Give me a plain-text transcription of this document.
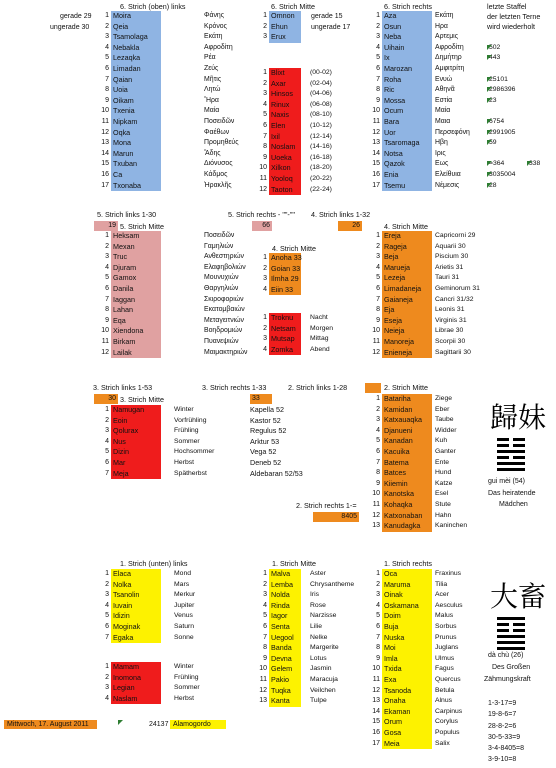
6. Strich (oben) links	6. Strich Mitte	6. Strich rechts	letzte Staffel
der letzten Terne
wird wiederholt
gerade 29
ungerade 30
gerade 15
ungerade 17
1 Moira	Φάνης
2 Qeia	Κρόνος
3 Tsamolaga	Εκάτη
4 Nebakla	Αφροδίτη
5 Lezaqka	Ρέα
6 Limadan	Ζεύς
7 Qaian	Μῆτις
8 Uoia	Λητώ
9 Oikam	Ἥρα
10 Txenia	Μαία
11 Nipkam	Ποσειδῶν
12 Oqka	Φαέθων
13 Mona	Προμηθεύς
14 Marun	Ἄδης
15 Txuban	Διόνυσος
16 Ca	Κάδμος
17 Txonaba	Ἡρακλῆς
1 Omnon
2 Ehun
3 Erux
1 Blixt	(00-02)
2 Axar	(02-04)
3 Hinsos	(04-06)
4 Rinux	(06-08)
5 Naxis	(08-10)
6 Elen	(10-12)
7 Ixil	(12-14)
8 Noslam	(14-16)
9 Uoeka	(16-18)
10 Xilkon	(18-20)
11 Yooloq	(20-22)
12 Taoton	(22-24)
1 Aza	Εκάτη
2 Osun	Ηρα
3 Neba	Αρτεμις
4 Uihain	Αφροδίτη	502
5 Ix	Δημήτηρ	443
6 Marozan	Αμφιτρίτη
7 Roha	Ενυώ	25101
8 Ric	Αθηνᾶ	2986396
9 Mossa	Εστία	23
10 Ocum	Μαία
11 Bara	Μαια	6754
12 Uor	Περσεφόνη	2991905
13 Tsaromaga	Ηβη	59
14 Notsa	Ιρις
15 Qazok	Εως	=364	338
16 Enia	Ελείθυια	3035004
17 Tsemu	Νέμεσις	28
5. Strich links 1-30	5. Strich rechts - ""-"" 4. Strich links 1-32
5. Strich Mitte	4. Strich Mitte
4. Strich Mitte
19	66	26
1 Heksam	Ποσειδῶν
2 Mexan	Γαμηλιών
3 Truc	Ανθεστηριών
4 Djuram	Ελαφηβολιών
5 Gamox	Μουνυχιών
6 Danila	Θαργηλιών
7 Iaggan	Σκιροφοριών
8 Lahan	Εκατομβαιών
9 Eqa	Μεταγειτνιών
10 Xiendona	Βοηδρομιών
11 Birkam	Πυανεψιών
12 Lailak	Μαιμακτηριών
1 Anoha 33
2 Goian 33
3 Ilmha 29
4 Eiin 33
1 Troknu	Nacht
2 Netsam	Morgen
3 Mutsap	Mittag
4 Zomka	Abend
1 Ereja	Capricorni 29
2 Rageja	Aquarii 30
3 Beja	Piscium 30
4 Marueja	Arietis 31
5 Lezeja	Tauri 31
6 Limadaneja	Geminorum 31
7 Gaianeja	Cancri 31/32
8 Eja	Leonis 31
9 Eseja	Virginis 31
10 Neieja	Librae 30
11 Manoreja	Scorpii 30
12 Enieneja	Sagittarii 30
3. Strich links 1-53	3. Strich rechts 1-33	2. Strich links 1-28
3. Strich Mitte
2. Strich Mitte
30	33
1 Namugan	Winter
2 Eoin	Vorfrühling
3 Qolurax	Frühling
4 Nus	Sommer
5 Dizin	Hochsommer
6 Mar	Herbst
7 Meja	Spätherbst
Kapella 52
Kastor 52
Regulus 52
Arktur 53
Vega 52
Deneb 52
Aldebaran 52/53
1 Batariha	Ziege
2 Kamidan	Eber
3 Katxauaqka	Taube
4 Djanueni	Widder
5 Kanadan	Kuh
6 Kacuika	Ganter
7 Batema	Ente
8 Batces	Hund
9 Kiiemin	Katze
10 Kanotska	Esel
11 Kohaqka	Stute
12 Katxonaban	Hahn
13 Kanudagka	Kaninchen
2. Strich rechts 1-=
8405
歸妹
gui mèi (54)
Das heiratende
Mädchen
1. Strich (unten) links	1. Strich Mitte	1. Strich rechts
1 Elaca	Mond
2 Nolka	Mars
3 Tsanolin	Merkur
4 Iuvain	Jupiter
5 Idizin	Venus
6 Moginak	Saturn
7 Egaka	Sonne
1 Mamam	Winter
2 Inomona	Frühling
3 Legian	Sommer
4 Naslam	Herbst
1 Malva	Aster
2 Lemba	Chrysantheme
3 Nolda	Iris
4 Rinda	Rose
5 Iagor	Narzisse
6 Senta	Lilie
7 Uegool	Nelke
8 Banda	Margerite
9 Devna	Lotus
10 Gelem	Jasmin
11 Pakio	Maracuja
12 Tuqka	Veilchen
13 Kanta	Tulpe
1 Oca	Fraxinus
2 Maruma	Tilia
3 Oinak	Acer
4 Oskamana	Aesculus
5 Doim	Malus
6 Buja	Sorbus
7 Nuska	Prunus
8 Moi	Juglans
9 Imla	Ulmus
10 Txida	Fagus
11 Exa	Quercus
12 Tsanoda	Betula
13 Onaha	Alnus
14 Ekaman	Carpinus
15 Orum	Corylus
16 Gosa	Populus
17 Meia	Salix
大畜
dà chù (26)
Des Großen
Zähmungskraft
1-3-17=9
19-8-6=7
28-8-2=6
30-5-33=9
3-4-8405=8
3-9-10=8
Mittwoch, 17. August 2011	24137 Alamogordo
